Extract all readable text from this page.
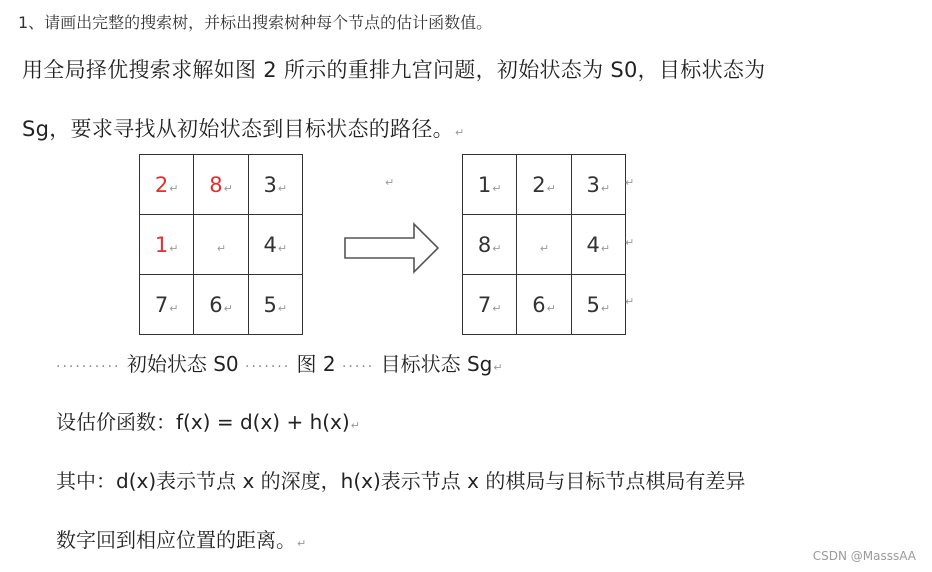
1、请画出完整的搜索树，并标出搜索树种每个节点的估计函数值。
用全局择优搜索求解如图 2 所示的重排九宫问题，初始状态为 S0，目标状态为
Sg，要求寻找从初始状态到目标状态的路径。↵
2↵	8↵	3↵
1↵	↵	4↵
7↵	6↵	5↵
↵	1↵	2↵	3↵
8↵	↵	4↵
7↵	6↵	5↵
↵
↵
↵
·········· 初始状态 S0 ······· 图 2 ····· 目标状态 Sg↵
设估价函数：f(x) = d(x) + h(x)↵
其中：d(x)表示节点 x 的深度，h(x)表示节点 x 的棋局与目标节点棋局有差异
数字回到相应位置的距离。↵
CSDN @MasssAA
